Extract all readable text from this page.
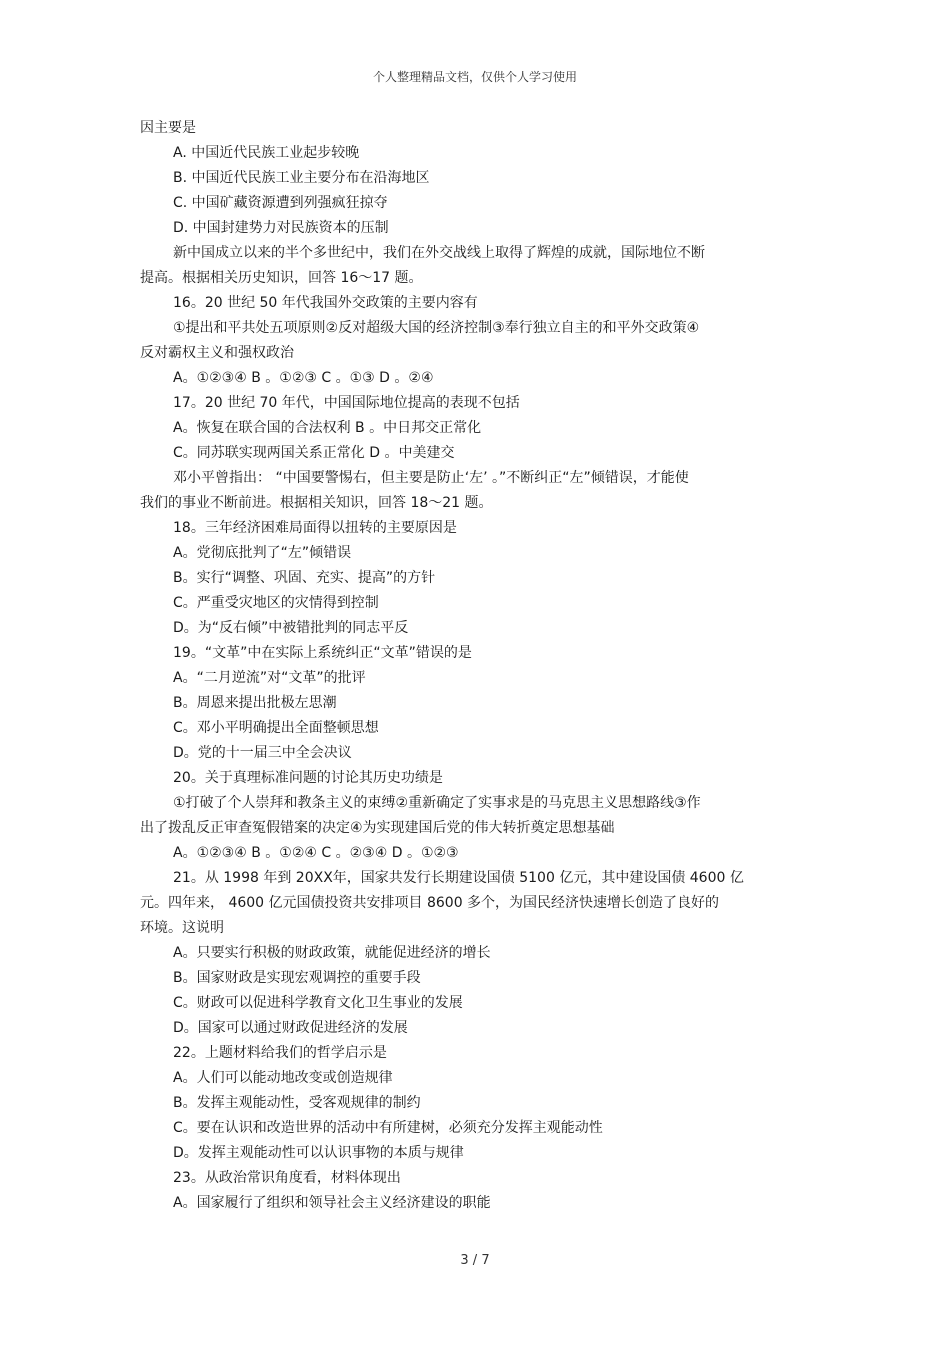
个人整理精品文档，仅供个人学习使用
因主要是
A. 中国近代民族工业起步较晚
B. 中国近代民族工业主要分布在沿海地区
C. 中国矿藏资源遭到列强疯狂掠夺
D. 中国封建势力对民族资本的压制
新中国成立以来的半个多世纪中，我们在外交战线上取得了辉煌的成就，国际地位不断
提高。根据相关历史知识，回答 16～17 题。
16。20 世纪 50 年代我国外交政策的主要内容有
①提出和平共处五项原则②反对超级大国的经济控制③奉行独立自主的和平外交政策④
反对霸权主义和强权政治
A。①②③④ B 。①②③ C 。①③ D 。②④
17。20 世纪 70 年代，中国国际地位提高的表现不包括
A。恢复在联合国的合法权利 B 。中日邦交正常化
C。同苏联实现两国关系正常化 D 。中美建交
邓小平曾指出： “中国要警惕右，但主要是防止‘左’ 。”不断纠正“左”倾错误，才能使
我们的事业不断前进。根据相关知识，回答 18～21 题。
18。三年经济困难局面得以扭转的主要原因是
A。党彻底批判了“左”倾错误
B。实行“调整、巩固、充实、提高”的方针
C。严重受灾地区的灾情得到控制
D。为“反右倾”中被错批判的同志平反
19。“文革”中在实际上系统纠正“文革”错误的是
A。“二月逆流”对“文革”的批评
B。周恩来提出批极左思潮
C。邓小平明确提出全面整顿思想
D。党的十一届三中全会决议
20。关于真理标准问题的讨论其历史功绩是
①打破了个人崇拜和教条主义的束缚②重新确定了实事求是的马克思主义思想路线③作
出了拨乱反正审查冤假错案的决定④为实现建国后党的伟大转折奠定思想基础
A。①②③④ B 。①②④ C 。②③④ D 。①②③
21。从 1998 年到 20XX年，国家共发行长期建设国债 5100 亿元，其中建设国债 4600 亿
元。四年来， 4600 亿元国债投资共安排项目 8600 多个，为国民经济快速增长创造了良好的
环境。这说明
A。只要实行积极的财政政策，就能促进经济的增长
B。国家财政是实现宏观调控的重要手段
C。财政可以促进科学教育文化卫生事业的发展
D。国家可以通过财政促进经济的发展
22。上题材料给我们的哲学启示是
A。人们可以能动地改变或创造规律
B。发挥主观能动性，受客观规律的制约
C。要在认识和改造世界的活动中有所建树，必须充分发挥主观能动性
D。发挥主观能动性可以认识事物的本质与规律
23。从政治常识角度看，材料体现出
A。国家履行了组织和领导社会主义经济建设的职能
3 / 7
